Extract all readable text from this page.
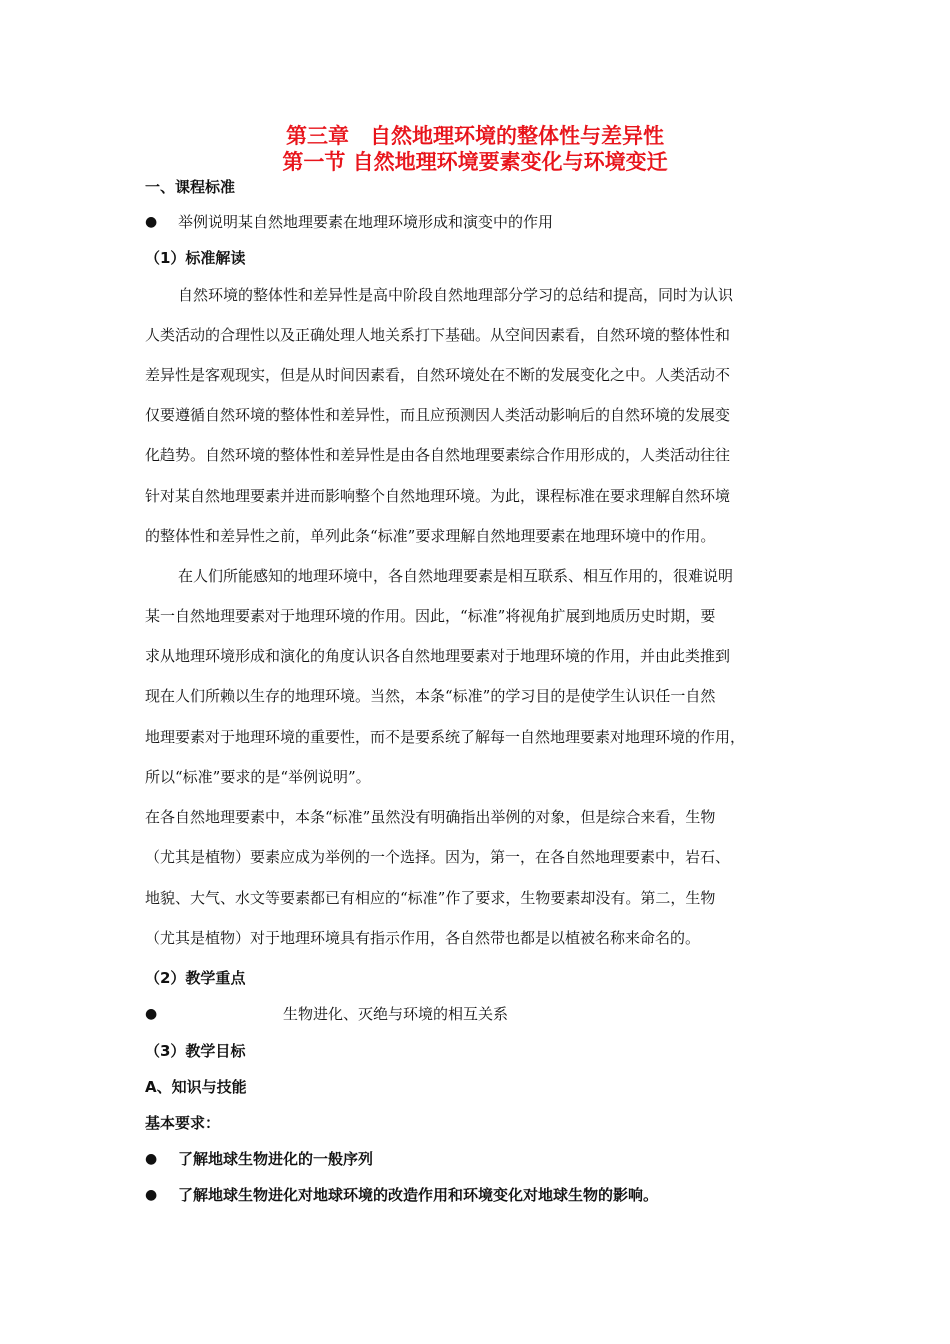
第三章　自然地理环境的整体性与差异性
第一节 自然地理环境要素变化与环境变迁
一、课程标准
● 举例说明某自然地理要素在地理环境形成和演变中的作用
（1）标准解读
自然环境的整体性和差异性是高中阶段自然地理部分学习的总结和提高，同时为认识
人类活动的合理性以及正确处理人地关系打下基础。从空间因素看，自然环境的整体性和
差异性是客观现实，但是从时间因素看，自然环境处在不断的发展变化之中。人类活动不
仅要遵循自然环境的整体性和差异性，而且应预测因人类活动影响后的自然环境的发展变
化趋势。自然环境的整体性和差异性是由各自然地理要素综合作用形成的，人类活动往往
针对某自然地理要素并进而影响整个自然地理环境。为此，课程标准在要求理解自然环境
的整体性和差异性之前，单列此条“标准”要求理解自然地理要素在地理环境中的作用。
在人们所能感知的地理环境中，各自然地理要素是相互联系、相互作用的，很难说明
某一自然地理要素对于地理环境的作用。因此，“标准”将视角扩展到地质历史时期，要
求从地理环境形成和演化的角度认识各自然地理要素对于地理环境的作用，并由此类推到
现在人们所赖以生存的地理环境。当然，本条“标准”的学习目的是使学生认识任一自然
地理要素对于地理环境的重要性，而不是要系统了解每一自然地理要素对地理环境的作用，
所以“标准”要求的是“举例说明”。
在各自然地理要素中，本条“标准”虽然没有明确指出举例的对象，但是综合来看，生物
（尤其是植物）要素应成为举例的一个选择。因为，第一，在各自然地理要素中，岩石、
地貌、大气、水文等要素都已有相应的“标准”作了要求，生物要素却没有。第二，生物
（尤其是植物）对于地理环境具有指示作用，各自然带也都是以植被名称来命名的。
（2）教学重点
●	生物进化、灭绝与环境的相互关系
（3）教学目标
A、知识与技能
基本要求：
● 了解地球生物进化的一般序列
● 了解地球生物进化对地球环境的改造作用和环境变化对地球生物的影响。
